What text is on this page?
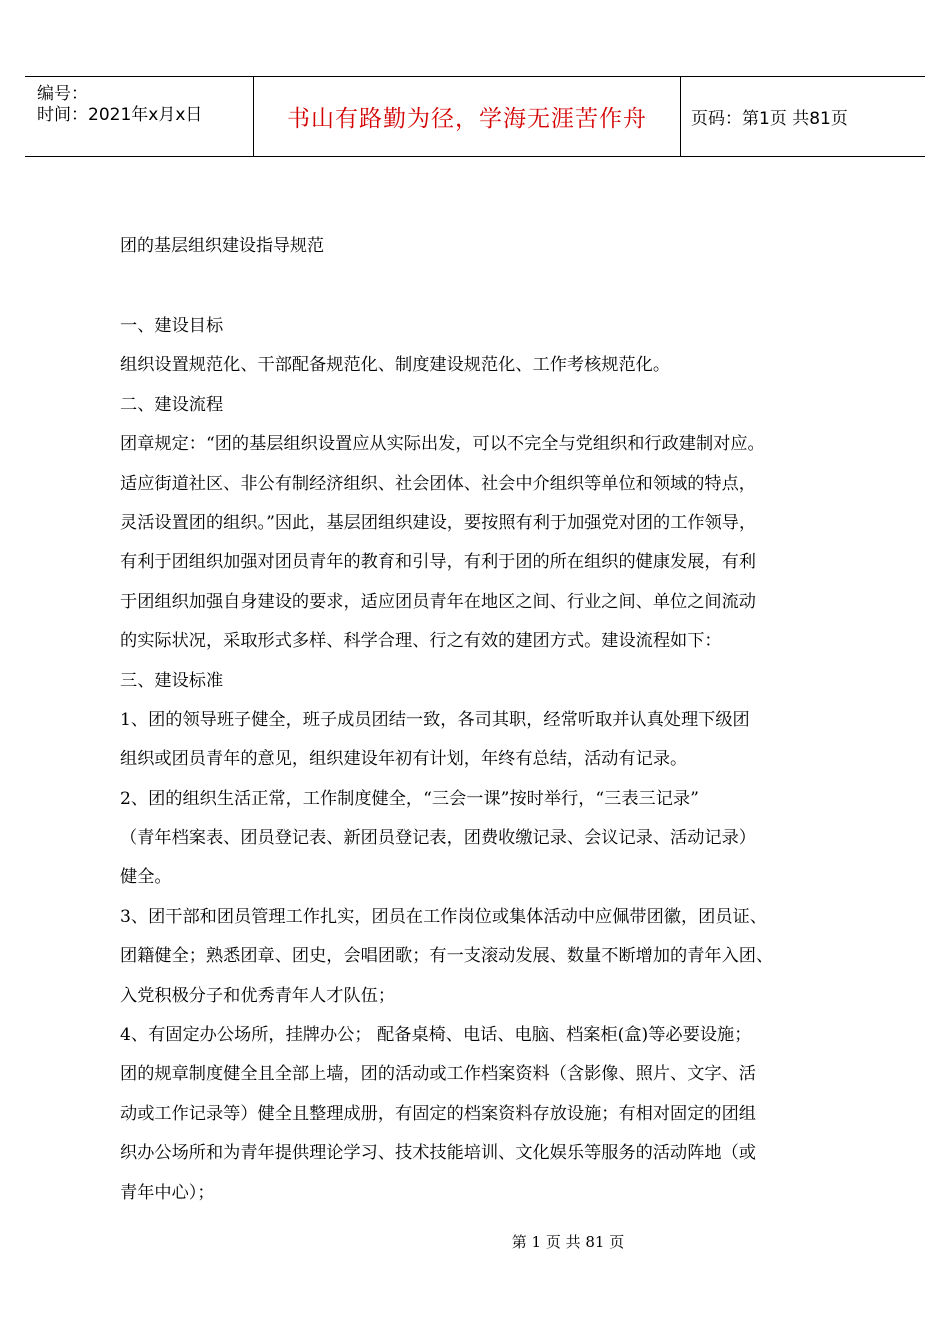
编号：
时间：2021年x月x日	书山有路勤为径，学海无涯苦作舟	页码：第1页 共81页
团的基层组织建设指导规范
一、建设目标
组织设置规范化、干部配备规范化、制度建设规范化、工作考核规范化。
二、建设流程
团章规定：“团的基层组织设置应从实际出发，可以不完全与党组织和行政建制对应。
适应街道社区、非公有制经济组织、社会团体、社会中介组织等单位和领域的特点，
灵活设置团的组织。”因此，基层团组织建设，要按照有利于加强党对团的工作领导，
有利于团组织加强对团员青年的教育和引导，有利于团的所在组织的健康发展，有利
于团组织加强自身建设的要求，适应团员青年在地区之间、行业之间、单位之间流动
的实际状况，采取形式多样、科学合理、行之有效的建团方式。建设流程如下：
三、建设标准
1、团的领导班子健全，班子成员团结一致，各司其职，经常听取并认真处理下级团
组织或团员青年的意见，组织建设年初有计划，年终有总结，活动有记录。
2、团的组织生活正常，工作制度健全，“三会一课”按时举行，“三表三记录”
（青年档案表、团员登记表、新团员登记表，团费收缴记录、会议记录、活动记录）
健全。
3、团干部和团员管理工作扎实，团员在工作岗位或集体活动中应佩带团徽，团员证、
团籍健全；熟悉团章、团史，会唱团歌；有一支滚动发展、数量不断增加的青年入团、
入党积极分子和优秀青年人才队伍；
4、有固定办公场所，挂牌办公； 配备桌椅、电话、电脑、档案柜(盒)等必要设施；
团的规章制度健全且全部上墙，团的活动或工作档案资料（含影像、照片、文字、活
动或工作记录等）健全且整理成册，有固定的档案资料存放设施；有相对固定的团组
织办公场所和为青年提供理论学习、技术技能培训、文化娱乐等服务的活动阵地（或
青年中心）；
第 1 页 共 81 页
